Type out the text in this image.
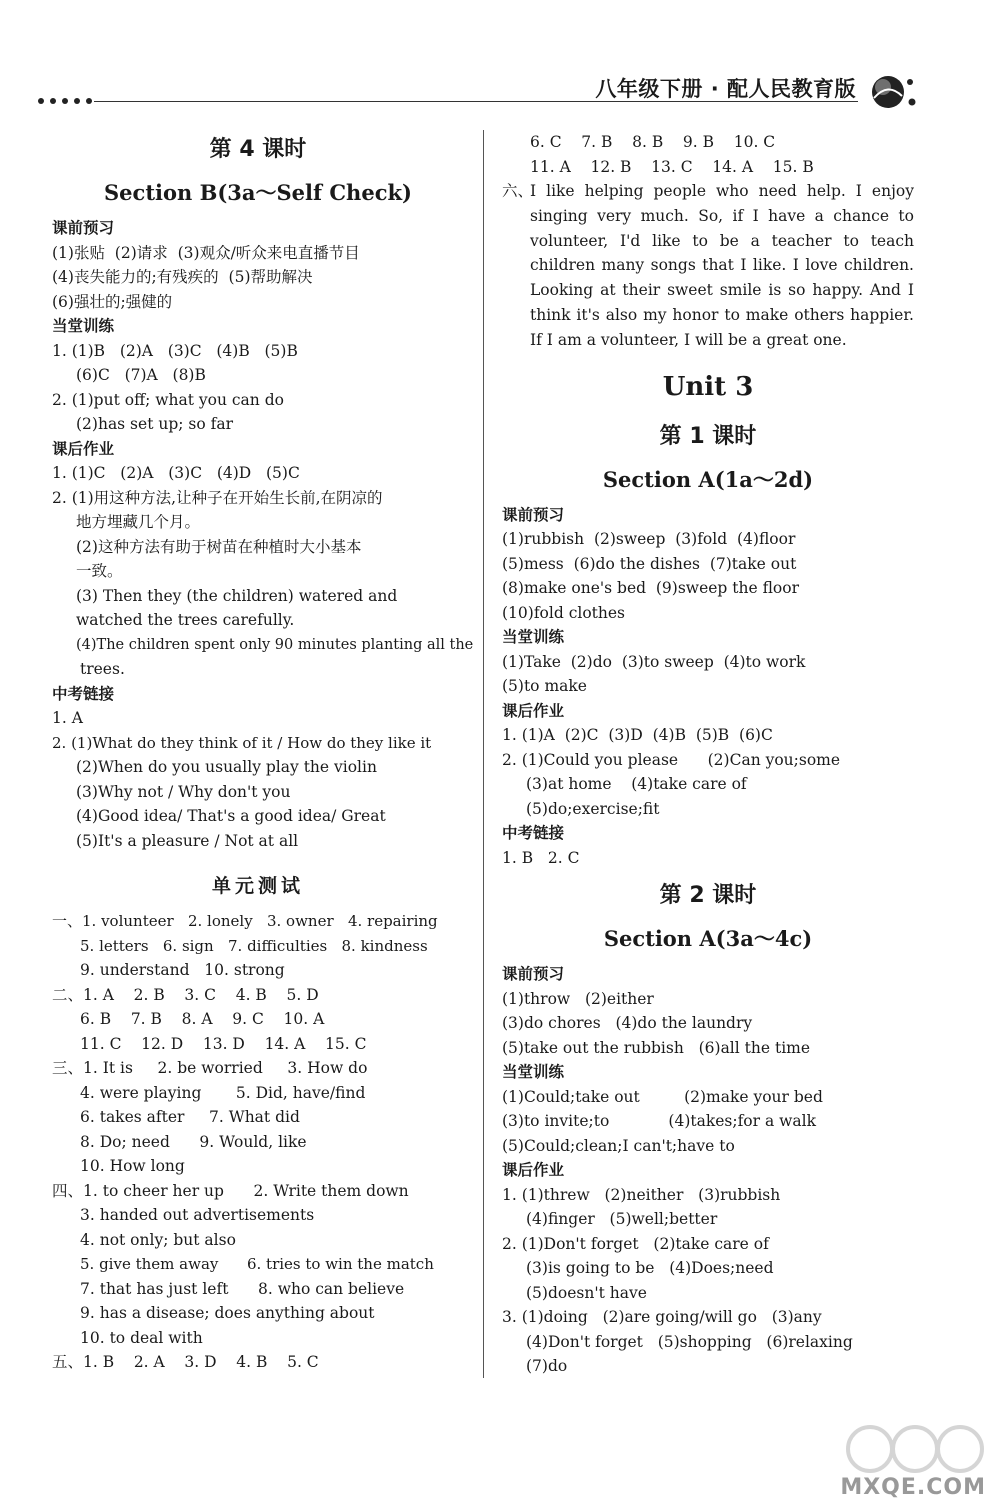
八年级下册 · 配人民教育版
第 4 课时
Section B(3a～Self Check)
课前预习
(1)张贴  (2)请求  (3)观众/听众来电直播节目
(4)丧失能力的;有残疾的  (5)帮助解决
(6)强壮的;强健的
当堂训练
1. (1)B   (2)A   (3)C   (4)B   (5)B
(6)C   (7)A   (8)B
2. (1)put off; what you can do
(2)has set up; so far
课后作业
1. (1)C   (2)A   (3)C   (4)D   (5)C
2. (1)用这种方法,让种子在开始生长前,在阴凉的
地方埋藏几个月。
(2)这种方法有助于树苗在种植时大小基本
一致。
(3) Then they (the children) watered and
watched the trees carefully.
(4)The children spent only 90 minutes planting all the
trees.
中考链接
1. A
2. (1)What do they think of it / How do they like it
(2)When do you usually play the violin
(3)Why not / Why don't you
(4)Good idea/ That's a good idea/ Great
(5)It's a pleasure / Not at all
单元测试
一、1. volunteer   2. lonely   3. owner   4. repairing
5. letters   6. sign   7. difficulties   8. kindness
9. understand   10. strong
二、1. A    2. B    3. C    4. B    5. D
6. B    7. B    8. A    9. C    10. A
11. C    12. D    13. D    14. A    15. C
三、1. It is     2. be worried     3. How do
4. were playing       5. Did, have/find
6. takes after     7. What did
8. Do; need      9. Would, like
10. How long
四、1. to cheer her up      2. Write them down
3. handed out advertisements
4. not only; but also
5. give them away      6. tries to win the match
7. that has just left      8. who can believe
9. has a disease; does anything about
10. to deal with
五、1. B    2. A    3. D    4. B    5. C
6. C    7. B    8. B    9. B    10. C
11. A    12. B    13. C    14. A    15. B
六、
I like helping people who need help. I enjoy singing very much. So, if I have a chance to volunteer, I'd like to be a teacher to teach children many songs that I like. I love children. Looking at their sweet smile is so happy. And I think it's also my honor to make others happier. If I am a volunteer, I will be a great one.
Unit 3
第 1 课时
Section A(1a～2d)
课前预习
(1)rubbish  (2)sweep  (3)fold  (4)floor
(5)mess  (6)do the dishes  (7)take out
(8)make one's bed  (9)sweep the floor
(10)fold clothes
当堂训练
(1)Take  (2)do  (3)to sweep  (4)to work
(5)to make
课后作业
1. (1)A  (2)C  (3)D  (4)B  (5)B  (6)C
2. (1)Could you please      (2)Can you;some
(3)at home    (4)take care of
(5)do;exercise;fit
中考链接
1. B   2. C
第 2 课时
Section A(3a～4c)
课前预习
(1)throw   (2)either
(3)do chores   (4)do the laundry
(5)take out the rubbish   (6)all the time
当堂训练
(1)Could;take out         (2)make your bed
(3)to invite;to            (4)takes;for a walk
(5)Could;clean;I can't;have to
课后作业
1. (1)threw   (2)neither   (3)rubbish
(4)finger   (5)well;better
2. (1)Don't forget   (2)take care of
(3)is going to be   (4)Does;need
(5)doesn't have
3. (1)doing   (2)are going/will go   (3)any
(4)Don't forget   (5)shopping   (6)relaxing
(7)do
MXQE.COM
